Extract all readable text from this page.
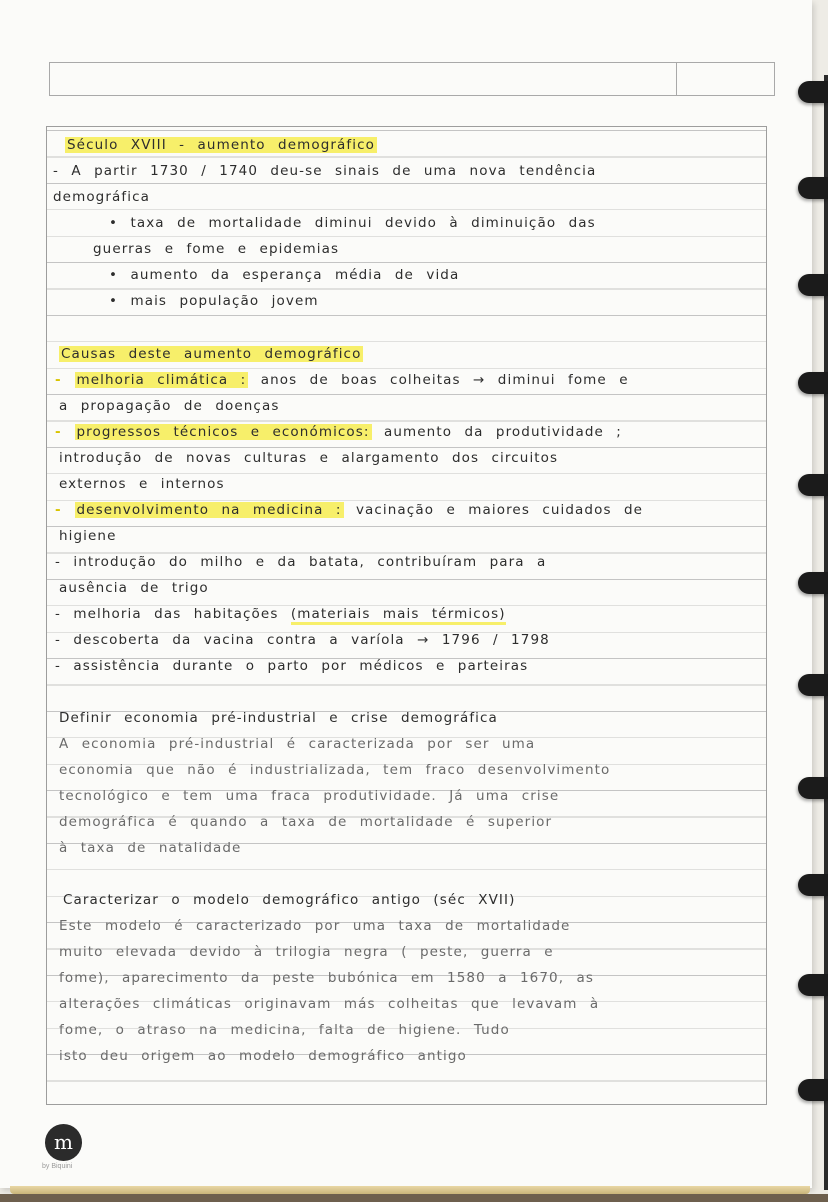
Século XVIII - aumento demográfico
- A partir 1730 / 1740 deu-se sinais de uma nova tendência
demográfica
• taxa de mortalidade diminui devido à diminuição das
guerras e fome e epidemias
• aumento da esperança média de vida
• mais população jovem
Causas deste aumento demográfico
- melhoria climática : anos de boas colheitas → diminui fome e
a propagação de doenças
- progressos técnicos e económicos: aumento da produtividade ;
introdução de novas culturas e alargamento dos circuitos
externos e internos
- desenvolvimento na medicina : vacinação e maiores cuidados de
higiene
- introdução do milho e da batata, contribuíram para a
ausência de trigo
- melhoria das habitações (materiais mais térmicos)
- descoberta da vacina contra a varíola → 1796 / 1798
- assistência durante o parto por médicos e parteiras
Definir economia pré-industrial e crise demográfica
A economia pré-industrial é caracterizada por ser uma
economia que não é industrializada, tem fraco desenvolvimento
tecnológico e tem uma fraca produtividade. Já uma crise
demográfica é quando a taxa de mortalidade é superior
à taxa de natalidade
Caracterizar o modelo demográfico antigo (séc XVII)
Este modelo é caracterizado por uma taxa de mortalidade
muito elevada devido à trilogia negra ( peste, guerra e
fome), aparecimento da peste bubónica em 1580 a 1670, as
alterações climáticas originavam más colheitas que levavam à
fome, o atraso na medicina, falta de higiene. Tudo
isto deu origem ao modelo demográfico antigo
m
by Biquini
